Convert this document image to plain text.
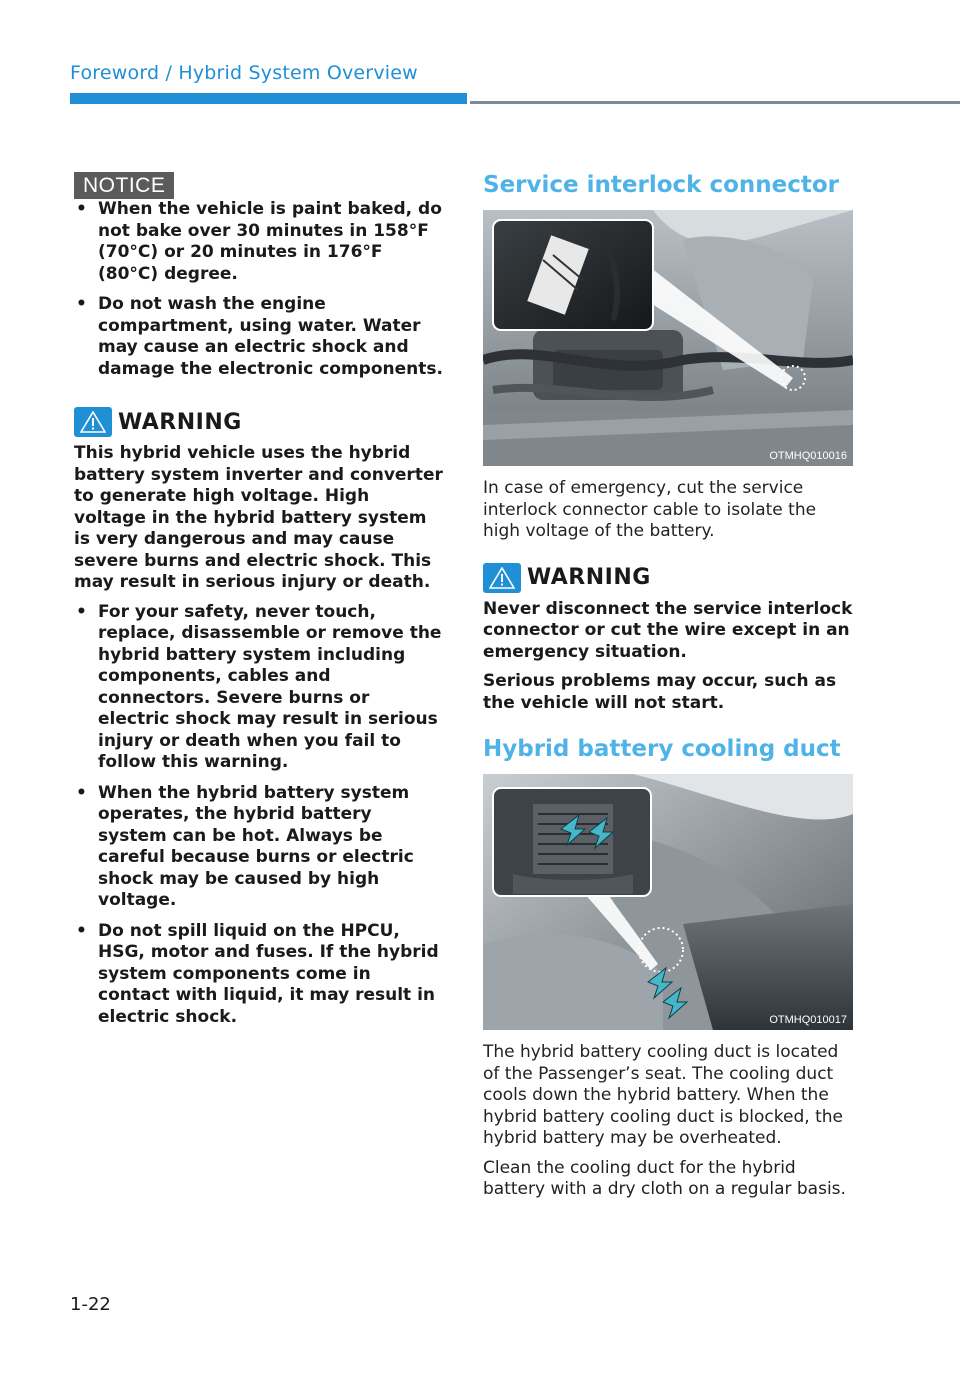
Foreword / Hybrid System Overview
NOTICE
• When the vehicle is paint baked, do not bake over 30 minutes in 158°F (70°C) or 20 minutes in 176°F (80°C) degree.
• Do not wash the engine compartment, using water. Water may cause an electric shock and damage the electronic components.
WARNING

This hybrid vehicle uses the hybrid battery system inverter and converter to generate high voltage. High voltage in the hybrid battery system is very dangerous and may cause severe burns and electric shock. This may result in serious injury or death.

• For your safety, never touch, replace, disassemble or remove the hybrid battery system including components, cables and connectors. Severe burns or electric shock may result in serious injury or death when you fail to follow this warning.
• When the hybrid battery system operates, the hybrid battery system can be hot. Always be careful because burns or electric shock may be caused by high voltage.
• Do not spill liquid on the HPCU, HSG, motor and fuses. If the hybrid system components come in contact with liquid, it may result in electric shock.
Service interlock connector
OTMHQ010016

In case of emergency, cut the service interlock connector cable to isolate the high voltage of the battery.

WARNING

Never disconnect the service interlock connector or cut the wire except in an emergency situation.

Serious problems may occur, such as the vehicle will not start.

Hybrid battery cooling duct
OTMHQ010017

The hybrid battery cooling duct is located of the Passenger’s seat. The cooling duct cools down the hybrid battery. When the hybrid battery cooling duct is blocked, the hybrid battery may be overheated.

Clean the cooling duct for the hybrid battery with a dry cloth on a regular basis.

1-22
